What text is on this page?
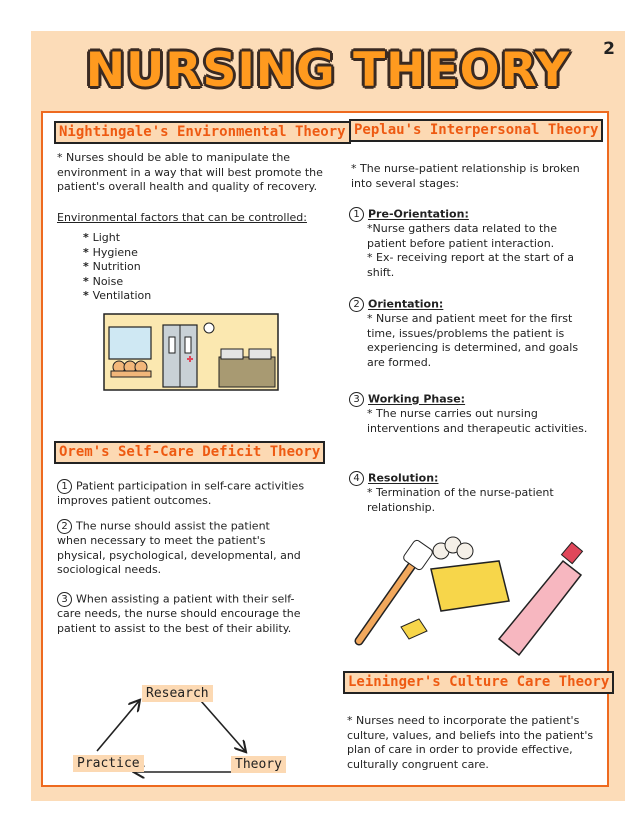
2
NURSING THEORY
Nightingale's Environmental Theory
* Nurses should be able to manipulate the environment in a way that will best promote the patient's overall health and quality of recovery.
Environmental factors that can be controlled:
* Light
* Hygiene
* Nutrition
* Noise
* Ventilation
Orem's Self-Care Deficit Theory
1 Patient participation in self-care activities improves patient outcomes.
2 The nurse should assist the patient when necessary to meet the patient's physical, psychological, developmental, and sociological needs.
3 When assisting a patient with their self-care needs, the nurse should encourage the patient to assist to the best of their ability.
Research
Theory
Practice
Peplau's Interpersonal Theory
* The nurse-patient relationship is broken into several stages:
1 Pre-Orientation:
*Nurse gathers data related to the patient before patient interaction.
* Ex- receiving report at the start of a shift.
2 Orientation:
* Nurse and patient meet for the first time, issues/problems the patient is experiencing is determined, and goals are formed.
3 Working Phase:
* The nurse carries out nursing interventions and therapeutic activities.
4 Resolution:
* Termination of the nurse-patient relationship.
Leininger's Culture Care Theory
* Nurses need to incorporate the patient's culture, values, and beliefs into the patient's plan of care in order to provide effective, culturally congruent care.
